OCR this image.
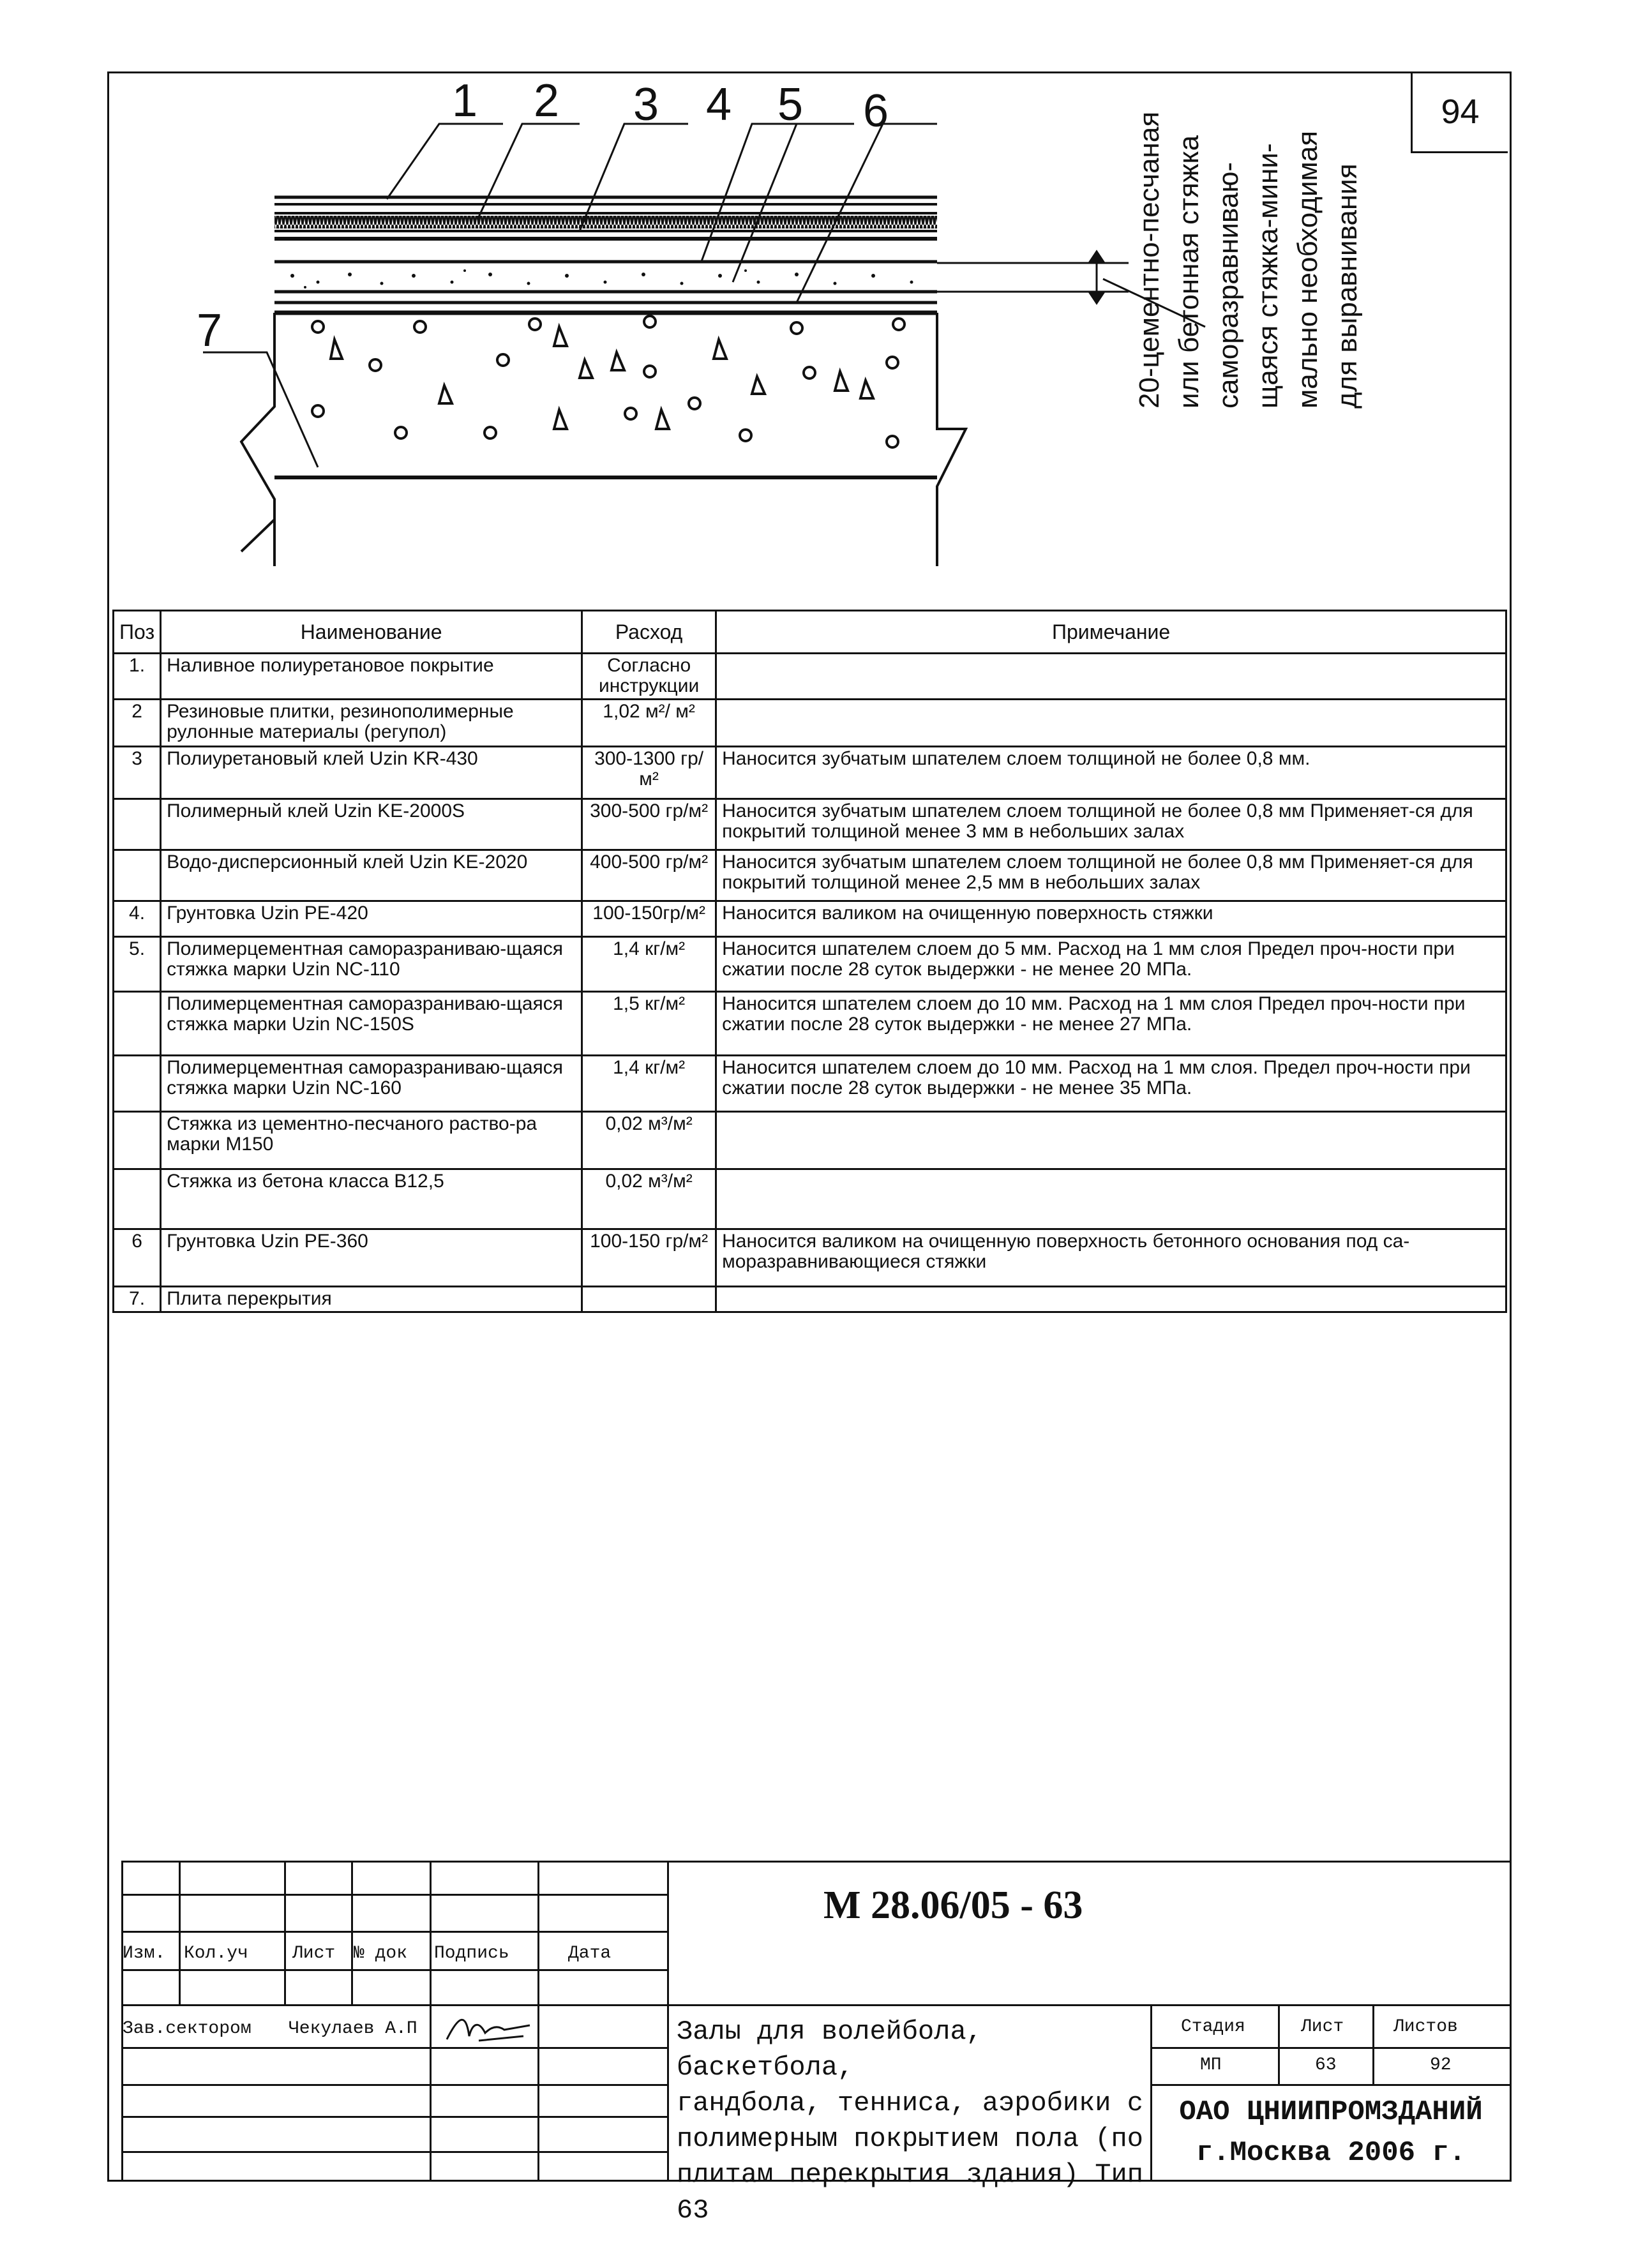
94
1 2 3 4 5 6
7	20-цементно-песчаная или бетонная стяжка саморазравниваю- щаяся стяжка-мини- мально необходимая для выравнивания
Поз	Наименование	Расход	Примечание
1.	Наливное полиуретановое покрытие	Согласно инструкции	
2	Резиновые плитки, резинополимерные рулонные материалы (регупол)	1,02 м²/ м²	
3	Полиуретановый клей Uzin KR-430	300-1300 гр/м²	Наносится зубчатым шпателем слоем толщиной не более 0,8 мм.
	Полимерный клей Uzin KE-2000S	300-500 гр/м²	Наносится зубчатым шпателем слоем толщиной не более 0,8 мм Применяет-ся для покрытий толщиной менее 3 мм в небольших залах
	Водо-дисперсионный клей Uzin KE-2020	400-500 гр/м²	Наносится зубчатым шпателем слоем толщиной не более 0,8 мм Применяет-ся для покрытий толщиной менее 2,5 мм в небольших залах
4.	Грунтовка Uzin PE-420	100-150гр/м²	Наносится валиком на очищенную поверхность стяжки
5.	Полимерцементная саморазраниваю-щаяся стяжка марки Uzin NC-110	1,4 кг/м²	Наносится шпателем слоем до 5 мм. Расход на 1 мм слоя Предел проч-ности при сжатии после 28 суток выдержки - не менее 20 МПа.
	Полимерцементная саморазраниваю-щаяся стяжка марки Uzin NC-150S	1,5 кг/м²	Наносится шпателем слоем до 10 мм. Расход на 1 мм слоя Предел проч-ности при сжатии после 28 суток выдержки - не менее 27 МПа.
	Полимерцементная саморазраниваю-щаяся стяжка марки Uzin NC-160	1,4 кг/м²	Наносится шпателем слоем до 10 мм. Расход на 1 мм слоя. Предел проч-ности при сжатии после 28 суток выдержки - не менее 35 МПа.
	Стяжка из цементно-песчаного раство-ра марки М150	0,02 м³/м²	
	Стяжка из бетона класса В12,5	0,02 м³/м²	
6	Грунтовка Uzin PE-360	100-150 гр/м²	Наносится валиком на очищенную поверхность бетонного основания под са-моразравнивающиеся стяжки
7.	Плита перекрытия		
М 28.06/05 - 63
Изм. Кол.уч Лист № док Подпись	Дата
Зав.сектором Чекулаев А.П	Залы для волейбола, баскетбола,
гандбола, тенниса, аэробики с
полимерным покрытием пола (по
плитам перекрытия здания) Тип 63
Стадия	Лист	Листов
МП	63	92
ОАО ЦНИИПРОМЗДАНИЙ
г.Москва 2006 г.
